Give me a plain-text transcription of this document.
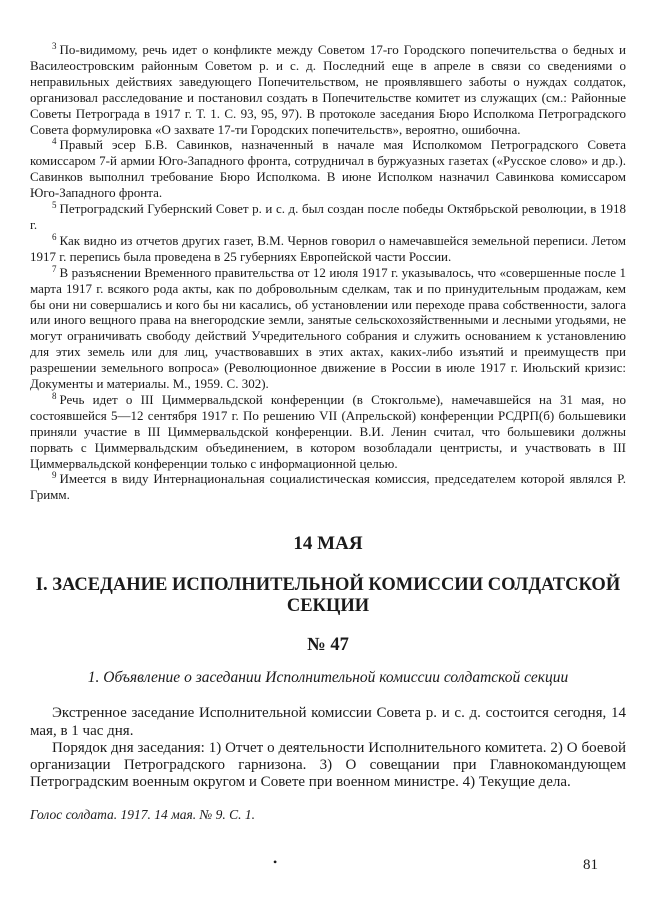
$^3$ По-видимому, речь идет о конфликте между Советом 17-го Городского попечительства о бедных и Василеостровским районным Советом р. и с. д. Последний еще в апреле в связи со сведениями о неправильных действиях заведующего Попечительством, не проявлявшего заботы о нуждах солдаток, организовал расследование и постановил создать в Попечительстве комитет из служащих (см.: Районные Советы Петрограда в 1917 г. Т. 1. С. 93, 95, 97). В протоколе заседания Бюро Исполкома Петроградского Совета формулировка «О захвате 17-ти Городских попечительств», вероятно, ошибочна.

$^4$ Правый эсер Б.В. Савинков, назначенный в начале мая Исполкомом Петроградского Совета комиссаром 7-й армии Юго-Западного фронта, сотрудничал в буржуазных газетах («Русское слово» и др.). Савинков выполнил требование Бюро Исполкома. В июне Исполком назначил Савинкова комиссаром Юго-Западного фронта.

$^5$ Петроградский Губернский Совет р. и с. д. был создан после победы Октябрьской революции, в 1918 г.

$^6$ Как видно из отчетов других газет, В.М. Чернов говорил о намечавшейся земельной переписи. Летом 1917 г. перепись была проведена в 25 губерниях Европейской части России.

$^7$ В разъяснении Временного правительства от 12 июля 1917 г. указывалось, что «совершенные после 1 марта 1917 г. всякого рода акты, как по добровольным сделкам, так и по принудительным продажам, кем бы они ни совершались и кого бы ни касались, об установлении или переходе права собственности, залога или иного вещного права на внегородские земли, занятые сельскохозяйственными и лесными угодьями, не могут ограничивать свободу действий Учредительного собрания и служить основанием к установлению для этих земель или для лиц, участвовавших в этих актах, каких-либо изъятий и преимуществ при разрешении земельного вопроса» (Революционное движение в России в июле 1917 г. Июльский кризис: Документы и материалы. М., 1959. С. 302).

$^8$ Речь идет о III Циммервальдской конференции (в Стокгольме), намечавшейся на 31 мая, но состоявшейся 5—12 сентября 1917 г. По решению VII (Апрельской) конференции РСДРП(б) большевики приняли участие в III Циммервальдской конференции. В.И. Ленин считал, что большевики должны порвать с Циммервальдским объединением, в котором возобладали центристы, и участвовать в III Циммервальдской конференции только с информационной целью.

$^9$ Имеется в виду Интернациональная социалистическая комиссия, председателем которой являлся Р. Гримм.

14 МАЯ
I. ЗАСЕДАНИЕ ИСПОЛНИТЕЛЬНОЙ КОМИССИИ СОЛДАТСКОЙ СЕКЦИИ
№ 47
1. Объявление о заседании Исполнительной комиссии солдатской секции

Экстренное заседание Исполнительной комиссии Совета р. и с. д. состоится сегодня, 14 мая, в 1 час дня.

Порядок дня заседания: 1) Отчет о деятельности Исполнительного комитета. 2) О боевой организации Петроградского гарнизона. 3) О совещании при Главнокомандующем Петроградским военным округом и Совете при военном министре. 4) Текущие дела.

Голос солдата. 1917. 14 мая. № 9. С. 1.

•	81
